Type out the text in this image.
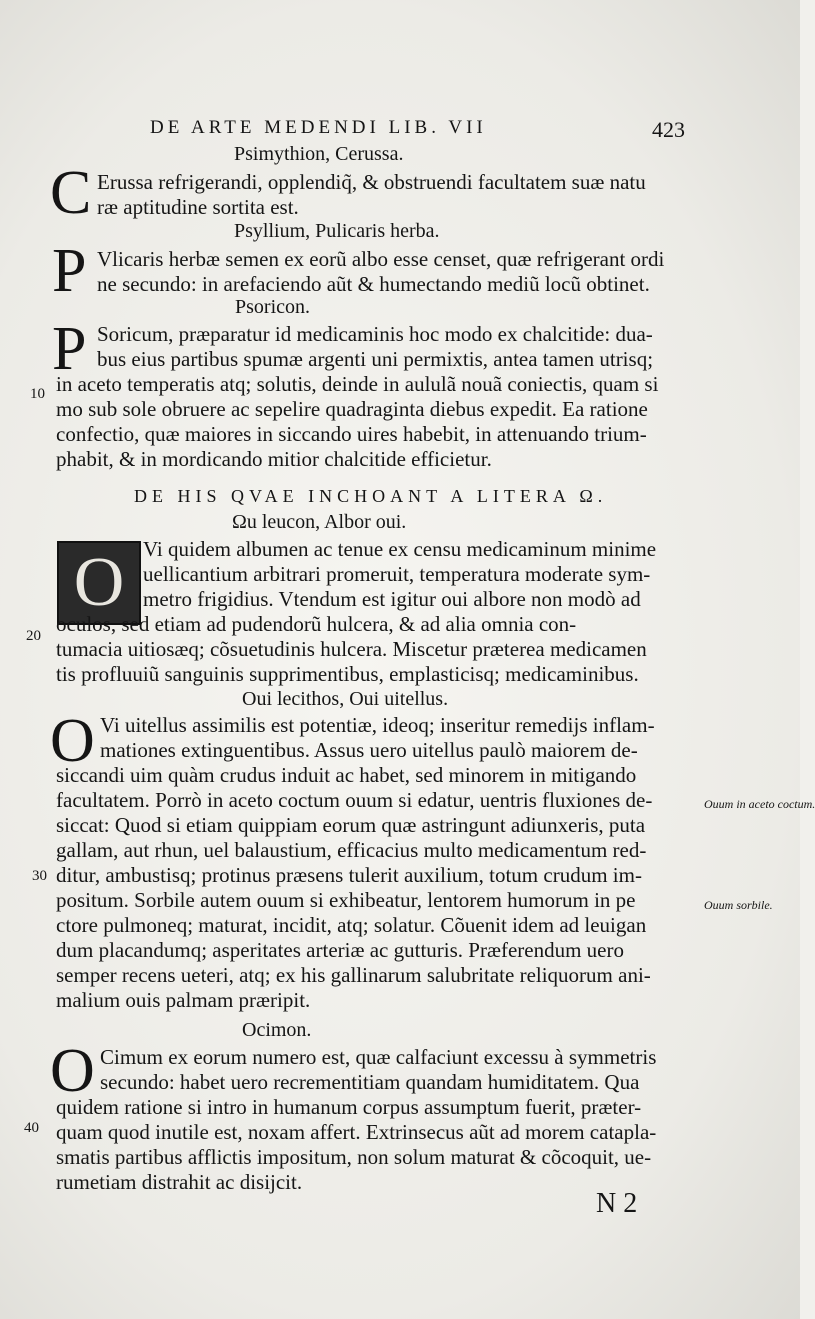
DE ARTE MEDENDI LIB. VII	423
Psimythion, Cerussa.
C Erussa refrigerandi, opplendiq̃, & obstruendi facultatem suæ natu
ræ aptitudine sortita est.
Psyllium, Pulicaris herba.
P Vlicaris herbæ semen ex eorũ albo esse censet, quæ refrigerant ordi
ne secundo: in arefaciendo aũt & humectando mediũ locũ obtinet.
Psoricon.
P Soricum, præparatur id medicaminis hoc modo ex chalcitide: dua-
bus eius partibus spumæ argenti uni permixtis, antea tamen utrisq;
in aceto temperatis atq; solutis, deinde in aululã nouã coniectis, quam si
mo sub sole obruere ac sepelire quadraginta diebus expedit. Ea ratione
confectio, quæ maiores in siccando uires habebit, in attenuando trium-
phabit, & in mordicando mitior chalcitide efficietur.
10
DE HIS QVAE INCHOANT A LITERA Ω.
Ωu leucon, Albor oui.
O Vi quidem albumen ac tenue ex censu medicaminum minime
uellicantium arbitrari promeruit, temperatura moderate sym-
metro frigidius. Vtendum est igitur oui albore non modò ad
oculos, sed etiam ad pudendorũ hulcera, & ad alia omnia con-
tumacia uitiosæq; cõsuetudinis hulcera. Miscetur præterea medicamen
tis profluuiũ sanguinis supprimentibus, emplasticisq; medicaminibus.
20
Oui lecithos, Oui uitellus.
O Vi uitellus assimilis est potentiæ, ideoq; inseritur remedijs inflam-
mationes extinguentibus. Assus uero uitellus paulò maiorem de-
siccandi uim quàm crudus induit ac habet, sed minorem in mitigando
facultatem. Porrò in aceto coctum ouum si edatur, uentris fluxiones de-
siccat: Quod si etiam quippiam eorum quæ astringunt adiunxeris, puta
gallam, aut rhun, uel balaustium, efficacius multo medicamentum red-
ditur, ambustisq; protinus præsens tulerit auxilium, totum crudum im-
positum. Sorbile autem ouum si exhibeatur, lentorem humorum in pe
ctore pulmoneq; maturat, incidit, atq; solatur. Cõuenit idem ad leuigan
dum placandumq; asperitates arteriæ ac gutturis. Præferendum uero
semper recens ueteri, atq; ex his gallinarum salubritate reliquorum ani-
malium ouis palmam præripit.
Ouum in aceto coctum.
Ouum sorbile.
30
Ocimon.
O Cimum ex eorum numero est, quæ calfaciunt excessu à symmetris
secundo: habet uero recrementitiam quandam humiditatem. Qua
quidem ratione si intro in humanum corpus assumptum fuerit, præter-
quam quod inutile est, noxam affert. Extrinsecus aũt ad morem catapla-
smatis partibus afflictis impositum, non solum maturat & cõcoquit, ue-
rumetiam distrahit ac disijcit.
40
N 2
